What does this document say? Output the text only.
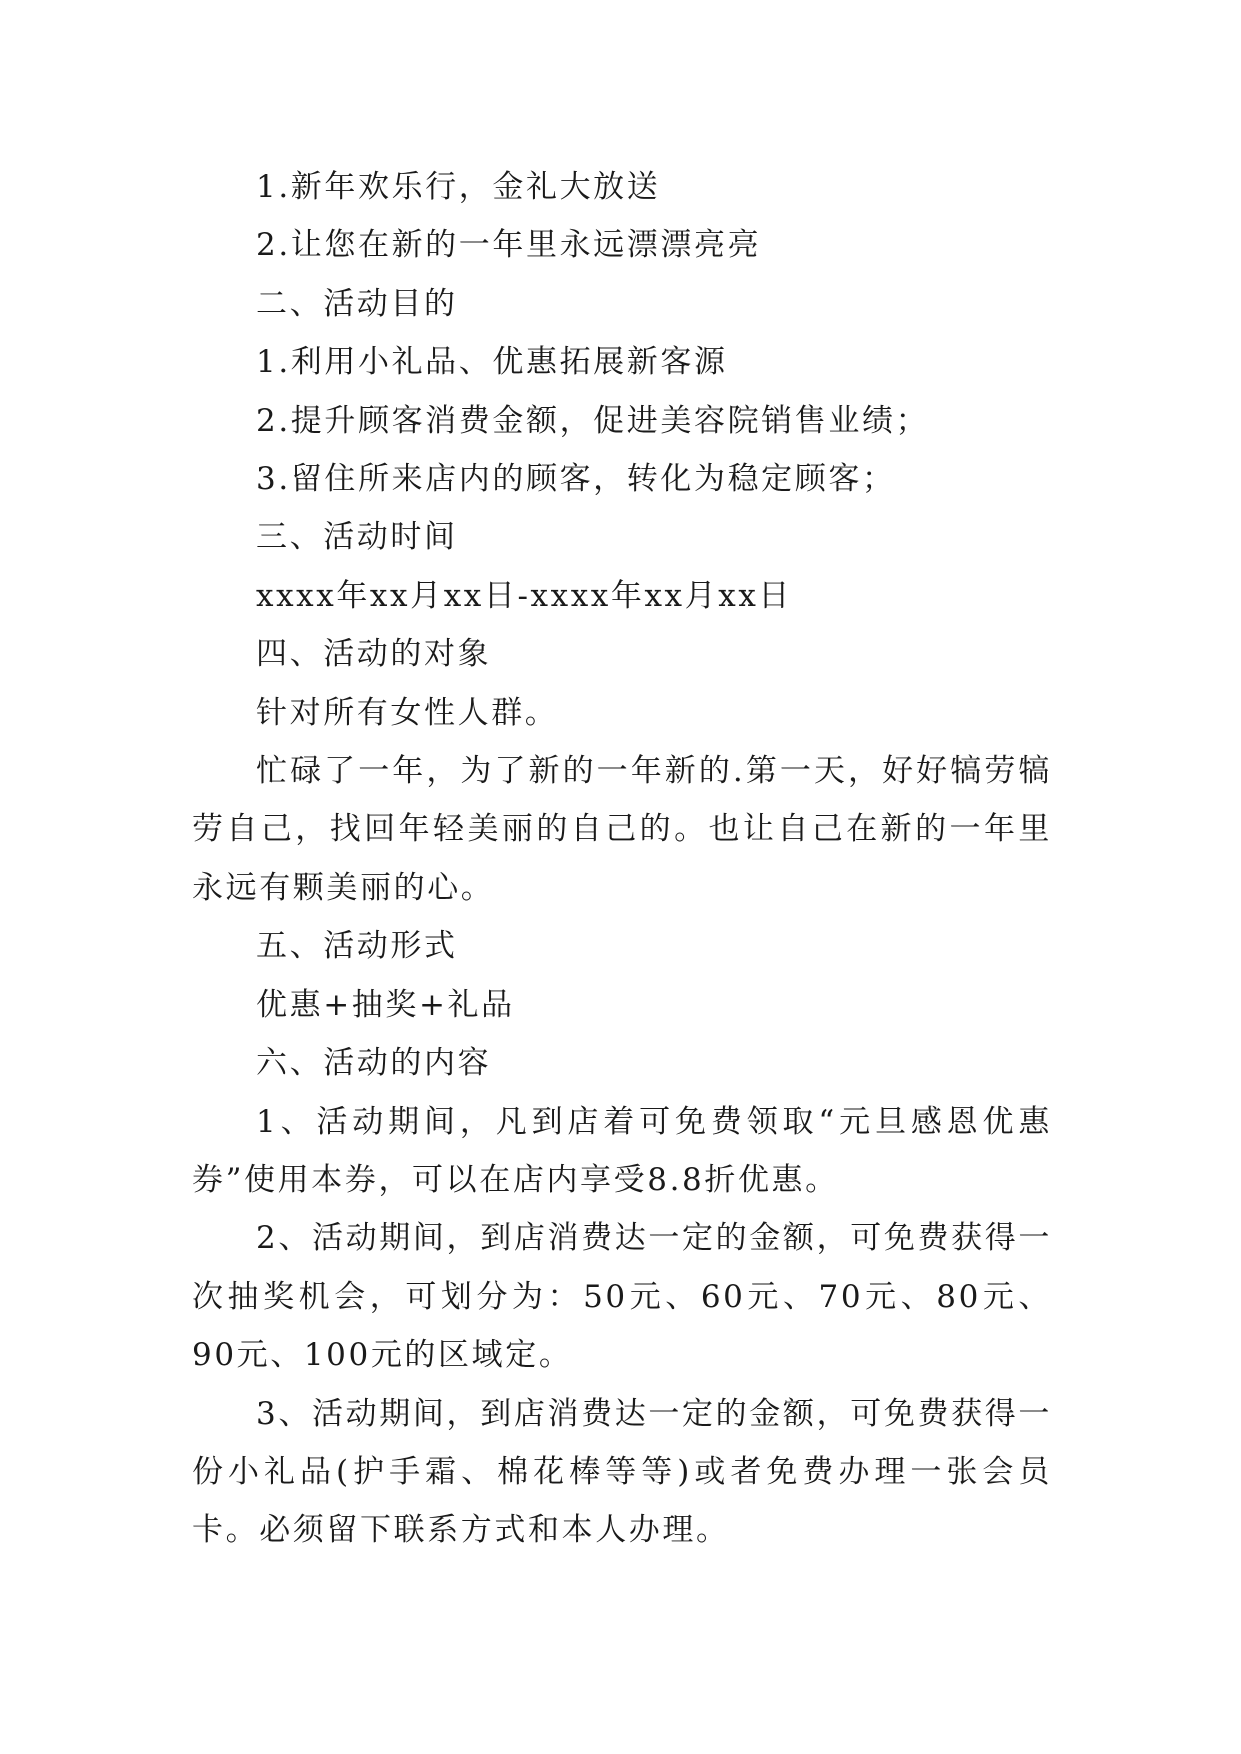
1.新年欢乐行，金礼大放送

2.让您在新的一年里永远漂漂亮亮

二、活动目的

1.利用小礼品、优惠拓展新客源

2.提升顾客消费金额，促进美容院销售业绩；

3.留住所来店内的顾客，转化为稳定顾客；

三、活动时间

xxxx年xx月xx日-xxxx年xx月xx日

四、活动的对象

针对所有女性人群。

忙碌了一年，为了新的一年新的.第一天，好好犒劳犒劳自己，找回年轻美丽的自己的。也让自己在新的一年里永远有颗美丽的心。

五、活动形式

优惠+抽奖+礼品

六、活动的内容

1、活动期间，凡到店着可免费领取“元旦感恩优惠券”使用本券，可以在店内享受8.8折优惠。

2、活动期间，到店消费达一定的金额，可免费获得一次抽奖机会，可划分为：50元、60元、70元、80元、90元、100元的区域定。

3、活动期间，到店消费达一定的金额，可免费获得一份小礼品(护手霜、棉花棒等等)或者免费办理一张会员卡。必须留下联系方式和本人办理。
